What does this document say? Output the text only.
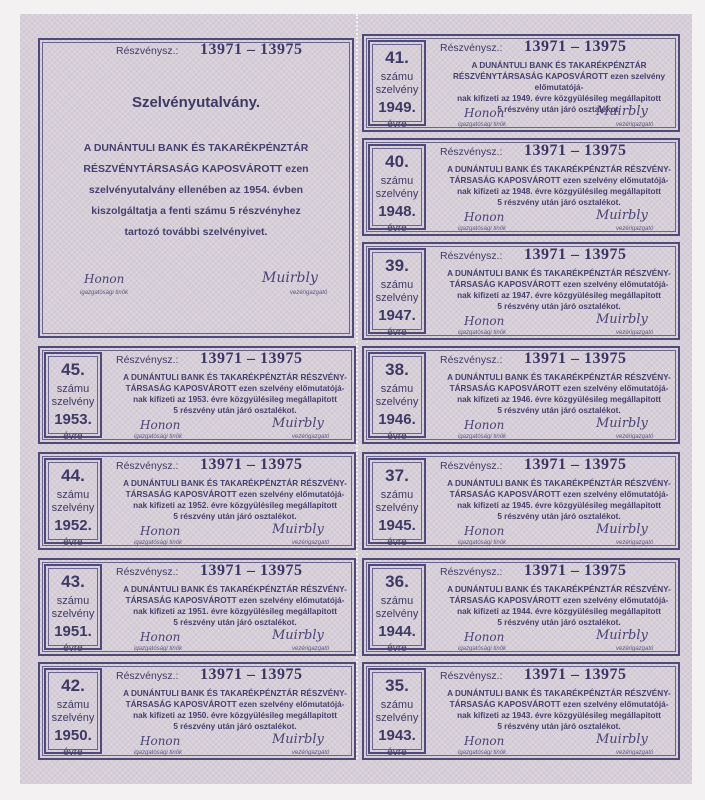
Részvénysz.: 13971 – 13975
Szelvényutalvány.
A DUNÁNTULI BANK ÉS TAKARÉKPÉNZTÁR
RÉSZVÉNYTÁRSASÁG KAPOSVÁROTT ezen
szelvényutalvány ellenében az 1954. évben
kiszolgáltatja a fenti számu 5 részvényhez
tartozó további szelvényivet.
Honon	Muirbly
igazgatósági tinök	vezérigazgató
41.
számu
szelvény
1949.
évre
Részvénysz.: 13971 – 13975
A DUNÁNTULI BANK ÉS TAKARÉKPÉNZTÁR
RÉSZVÉNYTÁRSASÁG KAPOSVÁROTT ezen szelvény előmutatójá-
nak kifizeti az 1949. évre közgyülésileg megállapitott
5 részvény után járó osztalékot.
Honon	Muirbly
igazgatósági tinök	vezérigazgató
40.
számu
szelvény
1948.
évre
Részvénysz.: 13971 – 13975
A DUNÁNTULI BANK ÉS TAKARÉKPÉNZTÁR RÉSZVÉNY-
TÁRSASÁG KAPOSVÁROTT ezen szelvény előmutatójá-
nak kifizeti az 1948. évre közgyülésileg megállapitott
5 részvény után járó osztalékot.
Honon	Muirbly
igazgatósági tinök	vezérigazgató
39.
számu
szelvény
1947.
évre
Részvénysz.: 13971 – 13975
A DUNÁNTULI BANK ÉS TAKARÉKPÉNZTÁR RÉSZVÉNY-
TÁRSASÁG KAPOSVÁROTT ezen szelvény előmutatójá-
nak kifizeti az 1947. évre közgyülésileg megállapitott
5 részvény után járó osztalékot.
Honon	Muirbly
igazgatósági tinök	vezérigazgató
45.
számu
szelvény
1953.
évre
Részvénysz.: 13971 – 13975
A DUNÁNTULI BANK ÉS TAKARÉKPÉNZTÁR RÉSZVÉNY-
TÁRSASÁG KAPOSVÁROTT ezen szelvény előmutatójá-
nak kifizeti az 1953. évre közgyülésileg megállapitott
5 részvény után járó osztalékot.
Honon	Muirbly
igazgatósági tinök	vezérigazgató
38.
számu
szelvény
1946.
évre
Részvénysz.: 13971 – 13975
A DUNÁNTULI BANK ÉS TAKARÉKPÉNZTÁR RÉSZVÉNY-
TÁRSASÁG KAPOSVÁROTT ezen szelvény előmutatójá-
nak kifizeti az 1946. évre közgyülésileg megállapitott
5 részvény után járó osztalékot.
Honon	Muirbly
igazgatósági tinök	vezérigazgató
44.
számu
szelvény
1952.
évre
Részvénysz.: 13971 – 13975
A DUNÁNTULI BANK ÉS TAKARÉKPÉNZTÁR RÉSZVÉNY-
TÁRSASÁG KAPOSVÁROTT ezen szelvény előmutatójá-
nak kifizeti az 1952. évre közgyülésileg megállapitott
5 részvény után járó osztalékot.
Honon	Muirbly
igazgatósági tinök	vezérigazgató
37.
számu
szelvény
1945.
évre
Részvénysz.: 13971 – 13975
A DUNÁNTULI BANK ÉS TAKARÉKPÉNZTÁR RÉSZVÉNY-
TÁRSASÁG KAPOSVÁROTT ezen szelvény előmutatójá-
nak kifizeti az 1945. évre közgyülésileg megállapitott
5 részvény után járó osztalékot.
Honon	Muirbly
igazgatósági tinök	vezérigazgató
43.
számu
szelvény
1951.
évre
Részvénysz.: 13971 – 13975
A DUNÁNTULI BANK ÉS TAKARÉKPÉNZTÁR RÉSZVÉNY-
TÁRSASÁG KAPOSVÁROTT ezen szelvény előmutatójá-
nak kifizeti az 1951. évre közgyülésileg megállapitott
5 részvény után járó osztalékot.
Honon	Muirbly
igazgatósági tinök	vezérigazgató
36.
számu
szelvény
1944.
évre
Részvénysz.: 13971 – 13975
A DUNÁNTULI BANK ÉS TAKARÉKPÉNZTÁR RÉSZVÉNY-
TÁRSASÁG KAPOSVÁROTT ezen szelvény előmutatójá-
nak kifizeti az 1944. évre közgyülésileg megállapitott
5 részvény után járó osztalékot.
Honon	Muirbly
igazgatósági tinök	vezérigazgató
42.
számu
szelvény
1950.
évre
Részvénysz.: 13971 – 13975
A DUNÁNTULI BANK ÉS TAKARÉKPÉNZTÁR RÉSZVÉNY-
TÁRSASÁG KAPOSVÁROTT ezen szelvény előmutatójá-
nak kifizeti az 1950. évre közgyülésileg megállapitott
5 részvény után járó osztalékot.
Honon	Muirbly
igazgatósági tinök	vezérigazgató
35.
számu
szelvény
1943.
évre
Részvénysz.: 13971 – 13975
A DUNÁNTULI BANK ÉS TAKARÉKPÉNZTÁR RÉSZVÉNY-
TÁRSASÁG KAPOSVÁROTT ezen szelvény előmutatójá-
nak kifizeti az 1943. évre közgyülésileg megállapitott
5 részvény után járó osztalékot.
Honon	Muirbly
igazgatósági tinök	vezérigazgató
